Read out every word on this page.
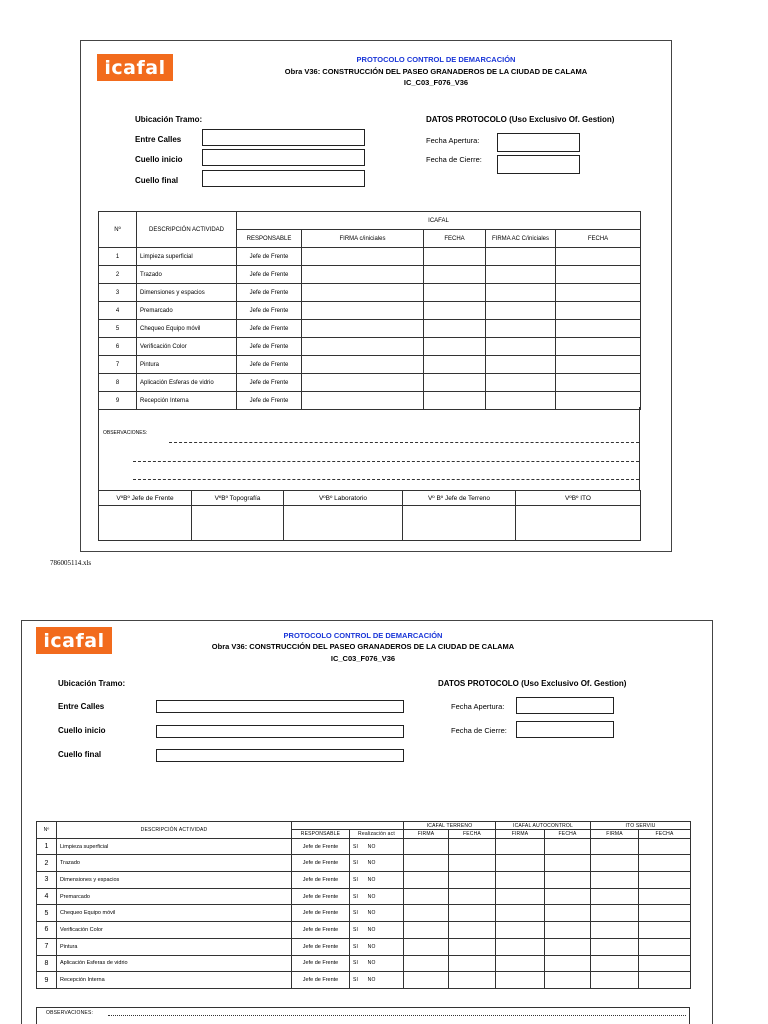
icafal	PROTOCOLO CONTROL DE DEMARCACIÓN
Obra V36: CONSTRUCCIÓN DEL PASEO GRANADEROS DE LA CIUDAD DE CALAMA
IC_C03_F076_V36
Ubicación Tramo:
Entre Calles
Cuello inicio
Cuello final
DATOS PROTOCOLO (Uso Exclusivo Of. Gestion)
Fecha Apertura:
Fecha de Cierre:
Nº	DESCRIPCIÓN ACTIVIDAD	ICAFAL				
		RESPONSABLE	FIRMA c/iniciales	FECHA	FIRMA AC C/iniciales	FECHA
1	Limpieza superficial	Jefe de Frente				
2	Trazado	Jefe de Frente				
3	Dimensiones y espacios	Jefe de Frente				
4	Premarcado	Jefe de Frente				
5	Chequeo Equipo móvil	Jefe de Frente				
6	Verificación Color	Jefe de Frente				
7	Pintura	Jefe de Frente				
8	Aplicación Esferas de vidrio	Jefe de Frente				
9	Recepción Interna	Jefe de Frente				
OBSERVACIONES:
VºBº Jefe de Frente	VºBº Topografía	VºBº Laboratorio	Vº Bº Jefe de Terreno	VºBº ITO

786005114.xls
icafal	PROTOCOLO CONTROL DE DEMARCACIÓN
Obra V36: CONSTRUCCIÓN DEL PASEO GRANADEROS DE LA CIUDAD DE CALAMA
IC_C03_F076_V36
Ubicación Tramo:
Entre Calles
Cuello inicio
Cuello final
DATOS PROTOCOLO (Uso Exclusivo Of. Gestion)
Fecha Apertura:
Fecha de Cierre:
Nº	DESCRIPCIÓN ACTIVIDAD			ICAFAL TERRENO		ICAFAL AUTOCONTROL		ITO SERVIU	
		RESPONSABLE	Realización act	FIRMA	FECHA	FIRMA	FECHA	FIRMA	FECHA
1	Limpieza superficial	Jefe de Frente	SI NO						
2	Trazado	Jefe de Frente	SI NO						
3	Dimensiones y espacios	Jefe de Frente	SI NO						
4	Premarcado	Jefe de Frente	SI NO						
5	Chequeo Equipo móvil	Jefe de Frente	SI NO						
6	Verificación Color	Jefe de Frente	SI NO						
7	Pintura	Jefe de Frente	SI NO						
8	Aplicación Esferas de vidrio	Jefe de Frente	SI NO						
9	Recepción Interna	Jefe de Frente	SI NO						
OBSERVACIONES:
